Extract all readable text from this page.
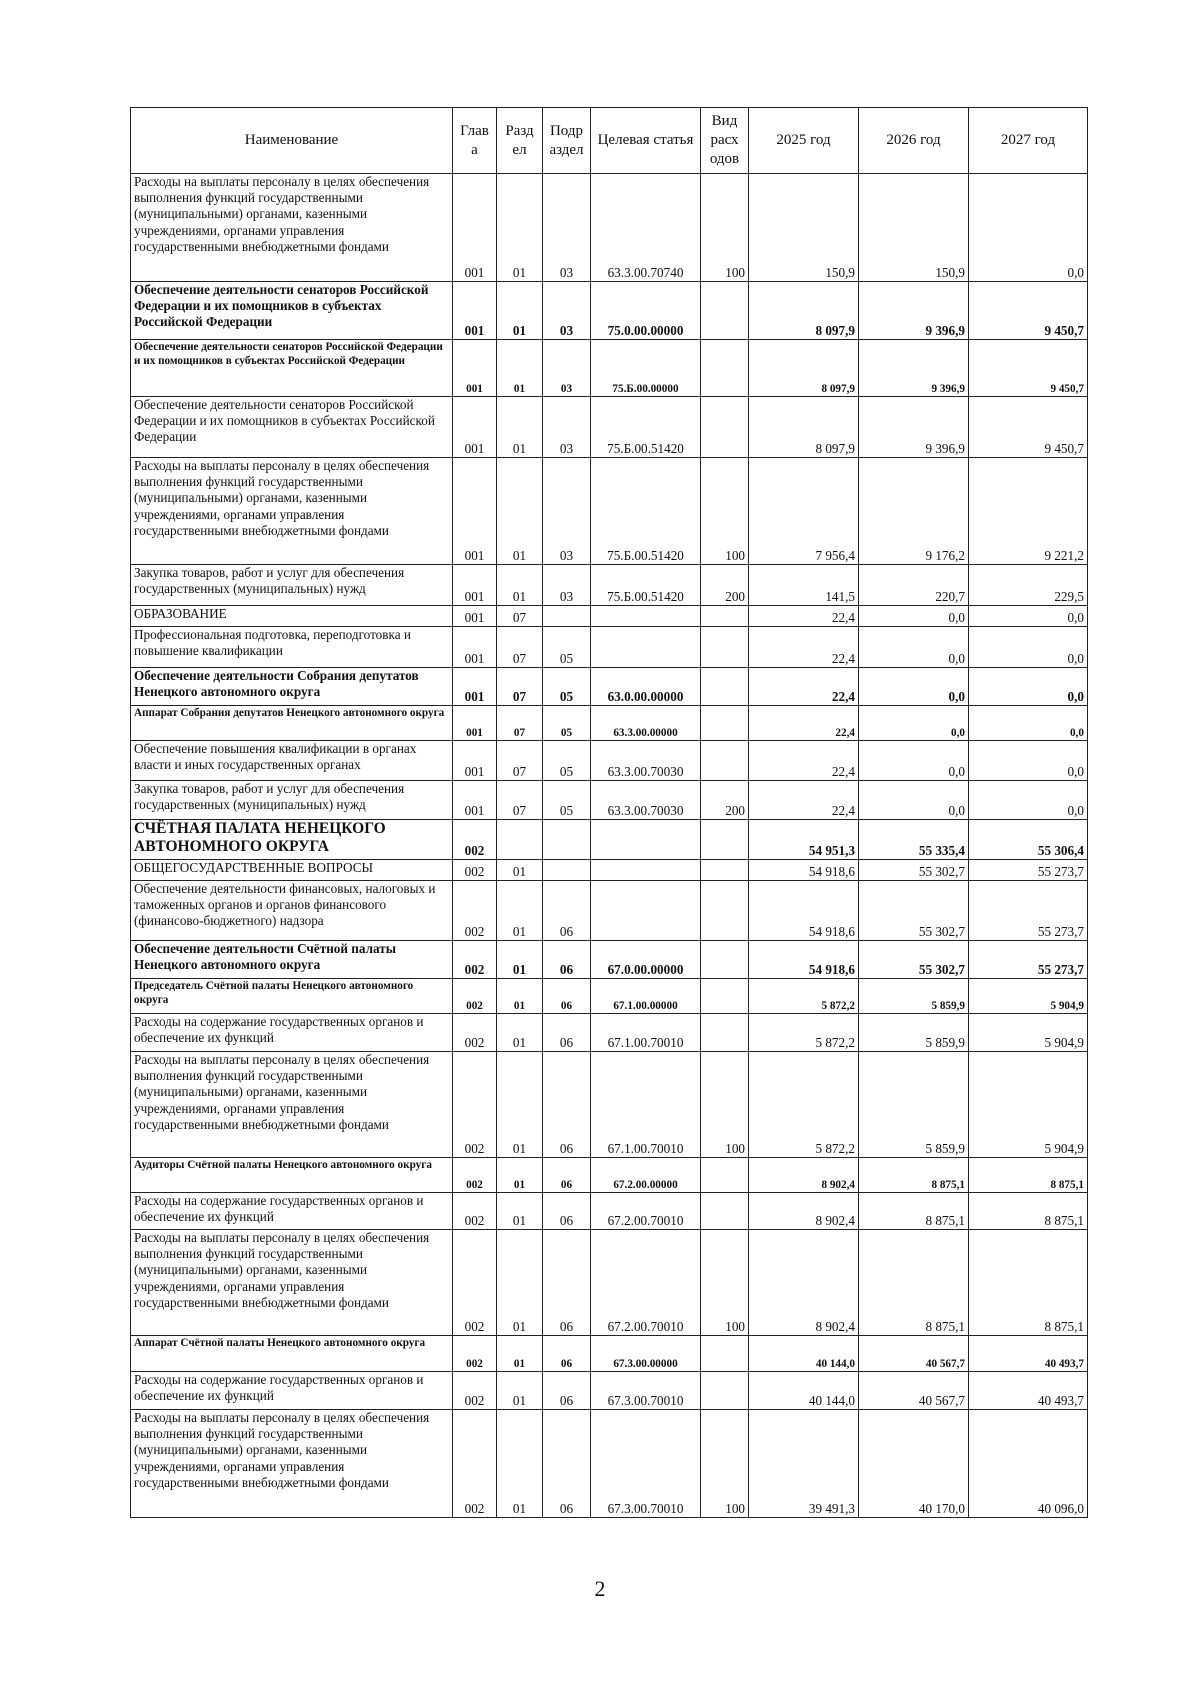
Наименование	Глав а	Разд ел	Подр аздел	Целевая статья	Вид расх одов	2025 год	2026 год	2027 год
Расходы на выплаты персоналу в целях обеспечения выполнения функций государственными (муниципальными) органами, казенными учреждениями, органами управления государственными внебюджетными фондами	001	01	03	63.3.00.70740	100	150,9	150,9	0,0
Обеспечение деятельности сенаторов Российской Федерации и их помощников в субъектах Российской Федерации	001	01	03	75.0.00.00000		8 097,9	9 396,9	9 450,7
Обеспечение деятельности сенаторов Российской Федерации и их помощников в субъектах Российской Федерации	001	01	03	75.Б.00.00000		8 097,9	9 396,9	9 450,7
Обеспечение деятельности сенаторов Российской Федерации и их помощников в субъектах Российской Федерации	001	01	03	75.Б.00.51420		8 097,9	9 396,9	9 450,7
Расходы на выплаты персоналу в целях обеспечения выполнения функций государственными (муниципальными) органами, казенными учреждениями, органами управления государственными внебюджетными фондами	001	01	03	75.Б.00.51420	100	7 956,4	9 176,2	9 221,2
Закупка товаров, работ и услуг для обеспечения государственных (муниципальных) нужд	001	01	03	75.Б.00.51420	200	141,5	220,7	229,5
ОБРАЗОВАНИЕ	001	07				22,4	0,0	0,0
Профессиональная подготовка, переподготовка и повышение квалификации	001	07	05			22,4	0,0	0,0
Обеспечение деятельности Собрания депутатов Ненецкого автономного округа	001	07	05	63.0.00.00000		22,4	0,0	0,0
Аппарат Собрания депутатов Ненецкого автономного округа	001	07	05	63.3.00.00000		22,4	0,0	0,0
Обеспечение повышения квалификации в органах власти и иных государственных органах	001	07	05	63.3.00.70030		22,4	0,0	0,0
Закупка товаров, работ и услуг для обеспечения государственных (муниципальных) нужд	001	07	05	63.3.00.70030	200	22,4	0,0	0,0
СЧЁТНАЯ ПАЛАТА НЕНЕЦКОГО АВТОНОМНОГО ОКРУГА	002					54 951,3	55 335,4	55 306,4
ОБЩЕГОСУДАРСТВЕННЫЕ ВОПРОСЫ	002	01				54 918,6	55 302,7	55 273,7
Обеспечение деятельности финансовых, налоговых и таможенных органов и органов финансового (финансово-бюджетного) надзора	002	01	06			54 918,6	55 302,7	55 273,7
Обеспечение деятельности Счётной палаты Ненецкого автономного округа	002	01	06	67.0.00.00000		54 918,6	55 302,7	55 273,7
Председатель Счётной палаты Ненецкого автономного округа	002	01	06	67.1.00.00000		5 872,2	5 859,9	5 904,9
Расходы на содержание государственных органов и обеспечение их функций	002	01	06	67.1.00.70010		5 872,2	5 859,9	5 904,9
Расходы на выплаты персоналу в целях обеспечения выполнения функций государственными (муниципальными) органами, казенными учреждениями, органами управления государственными внебюджетными фондами	002	01	06	67.1.00.70010	100	5 872,2	5 859,9	5 904,9
Аудиторы Счётной палаты Ненецкого автономного округа	002	01	06	67.2.00.00000		8 902,4	8 875,1	8 875,1
Расходы на содержание государственных органов и обеспечение их функций	002	01	06	67.2.00.70010		8 902,4	8 875,1	8 875,1
Расходы на выплаты персоналу в целях обеспечения выполнения функций государственными (муниципальными) органами, казенными учреждениями, органами управления государственными внебюджетными фондами	002	01	06	67.2.00.70010	100	8 902,4	8 875,1	8 875,1
Аппарат Счётной палаты Ненецкого автономного округа	002	01	06	67.3.00.00000		40 144,0	40 567,7	40 493,7
Расходы на содержание государственных органов и обеспечение их функций	002	01	06	67.3.00.70010		40 144,0	40 567,7	40 493,7
Расходы на выплаты персоналу в целях обеспечения выполнения функций государственными (муниципальными) органами, казенными учреждениями, органами управления государственными внебюджетными фондами	002	01	06	67.3.00.70010	100	39 491,3	40 170,0	40 096,0
2
